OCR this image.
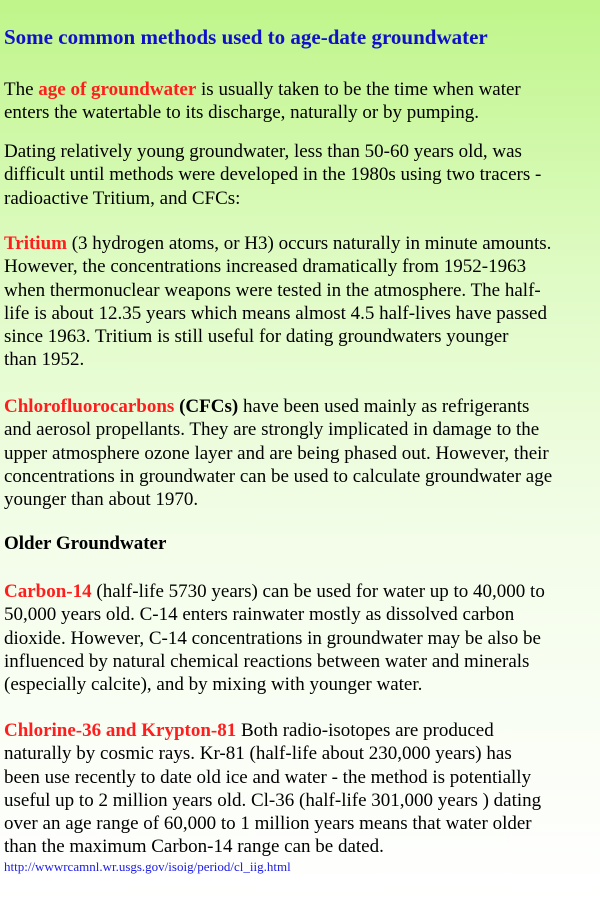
Some common methods used to age-date groundwater

The age of groundwater is usually taken to be the time when water
enters the watertable to its discharge, naturally or by pumping.

Dating relatively young groundwater, less than 50-60 years old, was
difficult until methods were developed in the 1980s using two tracers -
radioactive Tritium, and CFCs:

Tritium (3 hydrogen atoms, or H3) occurs naturally in minute amounts.
However, the concentrations increased dramatically from 1952-1963
when thermonuclear weapons were tested in the atmosphere. The half-
life is about 12.35 years which means almost 4.5 half-lives have passed
since 1963. Tritium is still useful for dating groundwaters younger
than 1952.

Chlorofluorocarbons (CFCs) have been used mainly as refrigerants
and aerosol propellants. They are strongly implicated in damage to the
upper atmosphere ozone layer and are being phased out. However, their
concentrations in groundwater can be used to calculate groundwater age
younger than about 1970.

Older Groundwater

Carbon-14 (half-life 5730 years) can be used for water up to 40,000 to
50,000 years old. C-14 enters rainwater mostly as dissolved carbon
dioxide. However, C-14 concentrations in groundwater may be also be
influenced by natural chemical reactions between water and minerals
(especially calcite), and by mixing with younger water.

Chlorine-36 and Krypton-81 Both radio-isotopes are produced
naturally by cosmic rays. Kr-81 (half-life about 230,000 years) has
been use recently to date old ice and water - the method is potentially
useful up to 2 million years old. Cl-36 (half-life 301,000 years ) dating
over an age range of 60,000 to 1 million years means that water older
than the maximum Carbon-14 range can be dated.

http://wwwrcamnl.wr.usgs.gov/isoig/period/cl_iig.html
